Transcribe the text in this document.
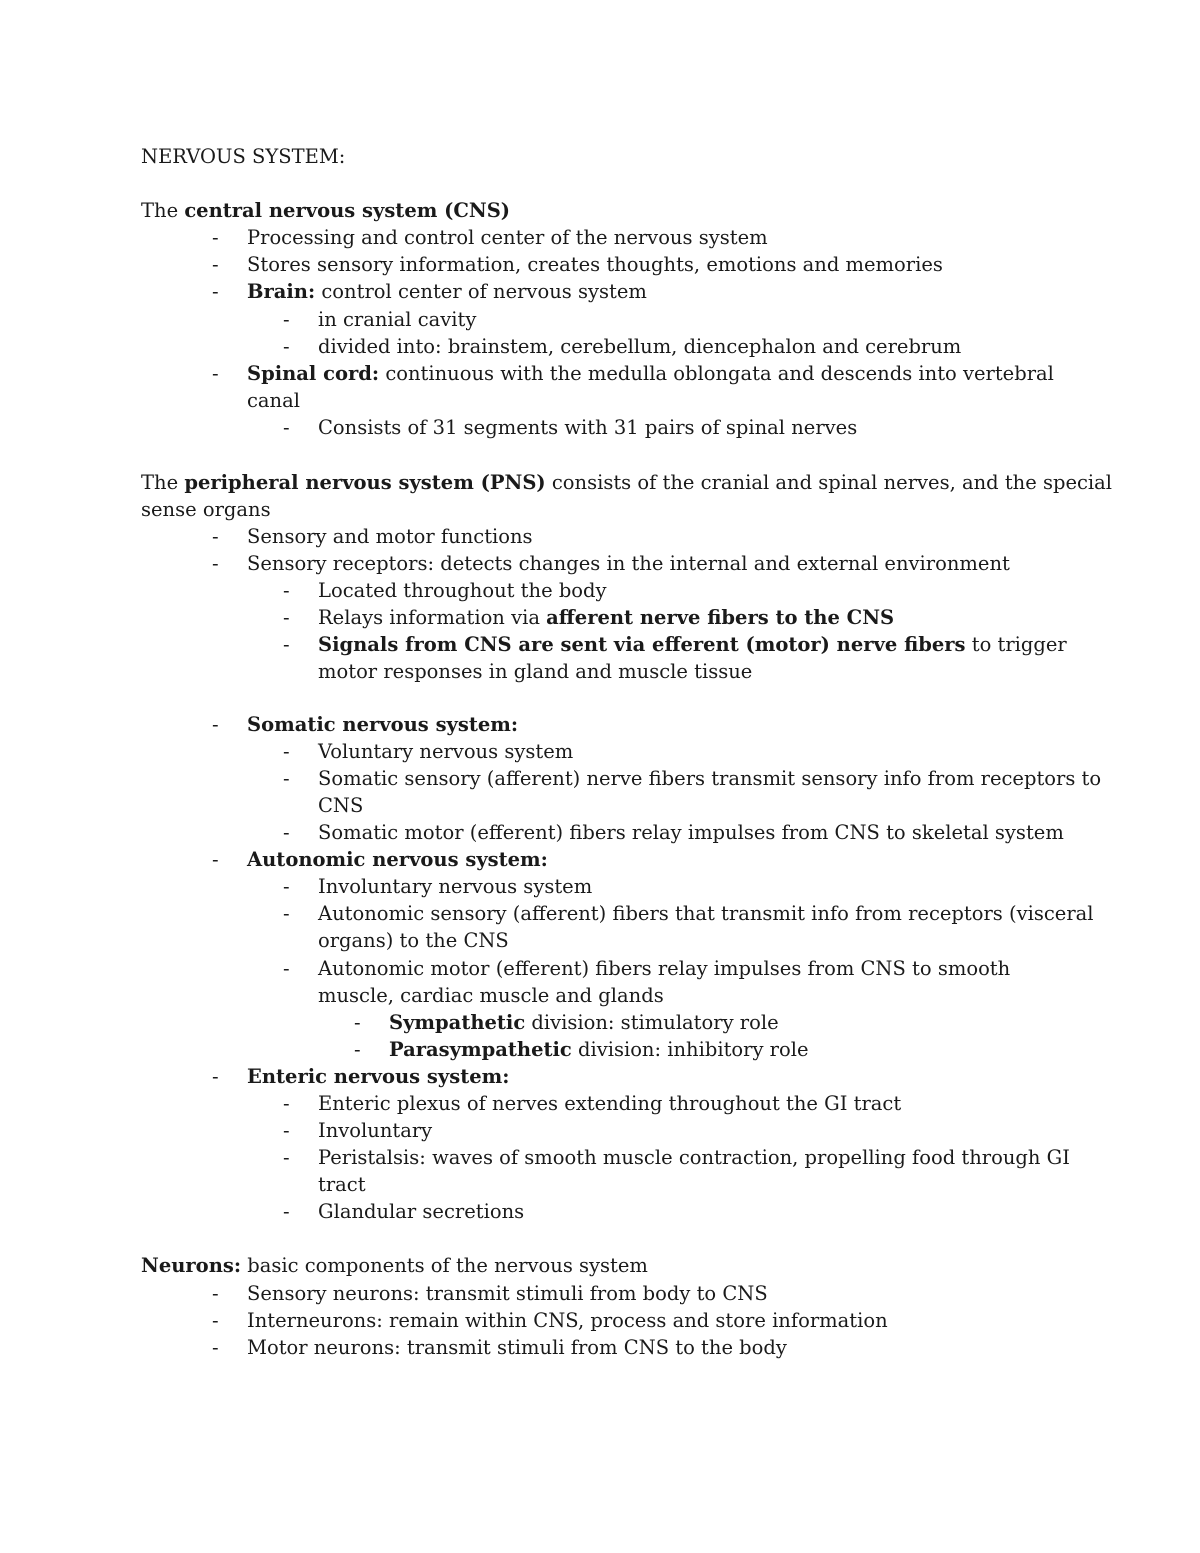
NERVOUS SYSTEM:
The central nervous system (CNS)
- Processing and control center of the nervous system
- Stores sensory information, creates thoughts, emotions and memories
- Brain: control center of nervous system
- in cranial cavity
- divided into: brainstem, cerebellum, diencephalon and cerebrum
- Spinal cord: continuous with the medulla oblongata and descends into vertebral
canal
- Consists of 31 segments with 31 pairs of spinal nerves
The peripheral nervous system (PNS) consists of the cranial and spinal nerves, and the special
sense organs
- Sensory and motor functions
- Sensory receptors: detects changes in the internal and external environment
- Located throughout the body
- Relays information via afferent nerve fibers to the CNS
- Signals from CNS are sent via efferent (motor) nerve fibers to trigger
motor responses in gland and muscle tissue
- Somatic nervous system:
- Voluntary nervous system
- Somatic sensory (afferent) nerve fibers transmit sensory info from receptors to
CNS
- Somatic motor (efferent) fibers relay impulses from CNS to skeletal system
- Autonomic nervous system:
- Involuntary nervous system
- Autonomic sensory (afferent) fibers that transmit info from receptors (visceral
organs) to the CNS
- Autonomic motor (efferent) fibers relay impulses from CNS to smooth
muscle, cardiac muscle and glands
- Sympathetic division: stimulatory role
- Parasympathetic division: inhibitory role
- Enteric nervous system:
- Enteric plexus of nerves extending throughout the GI tract
- Involuntary
- Peristalsis: waves of smooth muscle contraction, propelling food through GI
tract
- Glandular secretions
Neurons: basic components of the nervous system
- Sensory neurons: transmit stimuli from body to CNS
- Interneurons: remain within CNS, process and store information
- Motor neurons: transmit stimuli from CNS to the body
